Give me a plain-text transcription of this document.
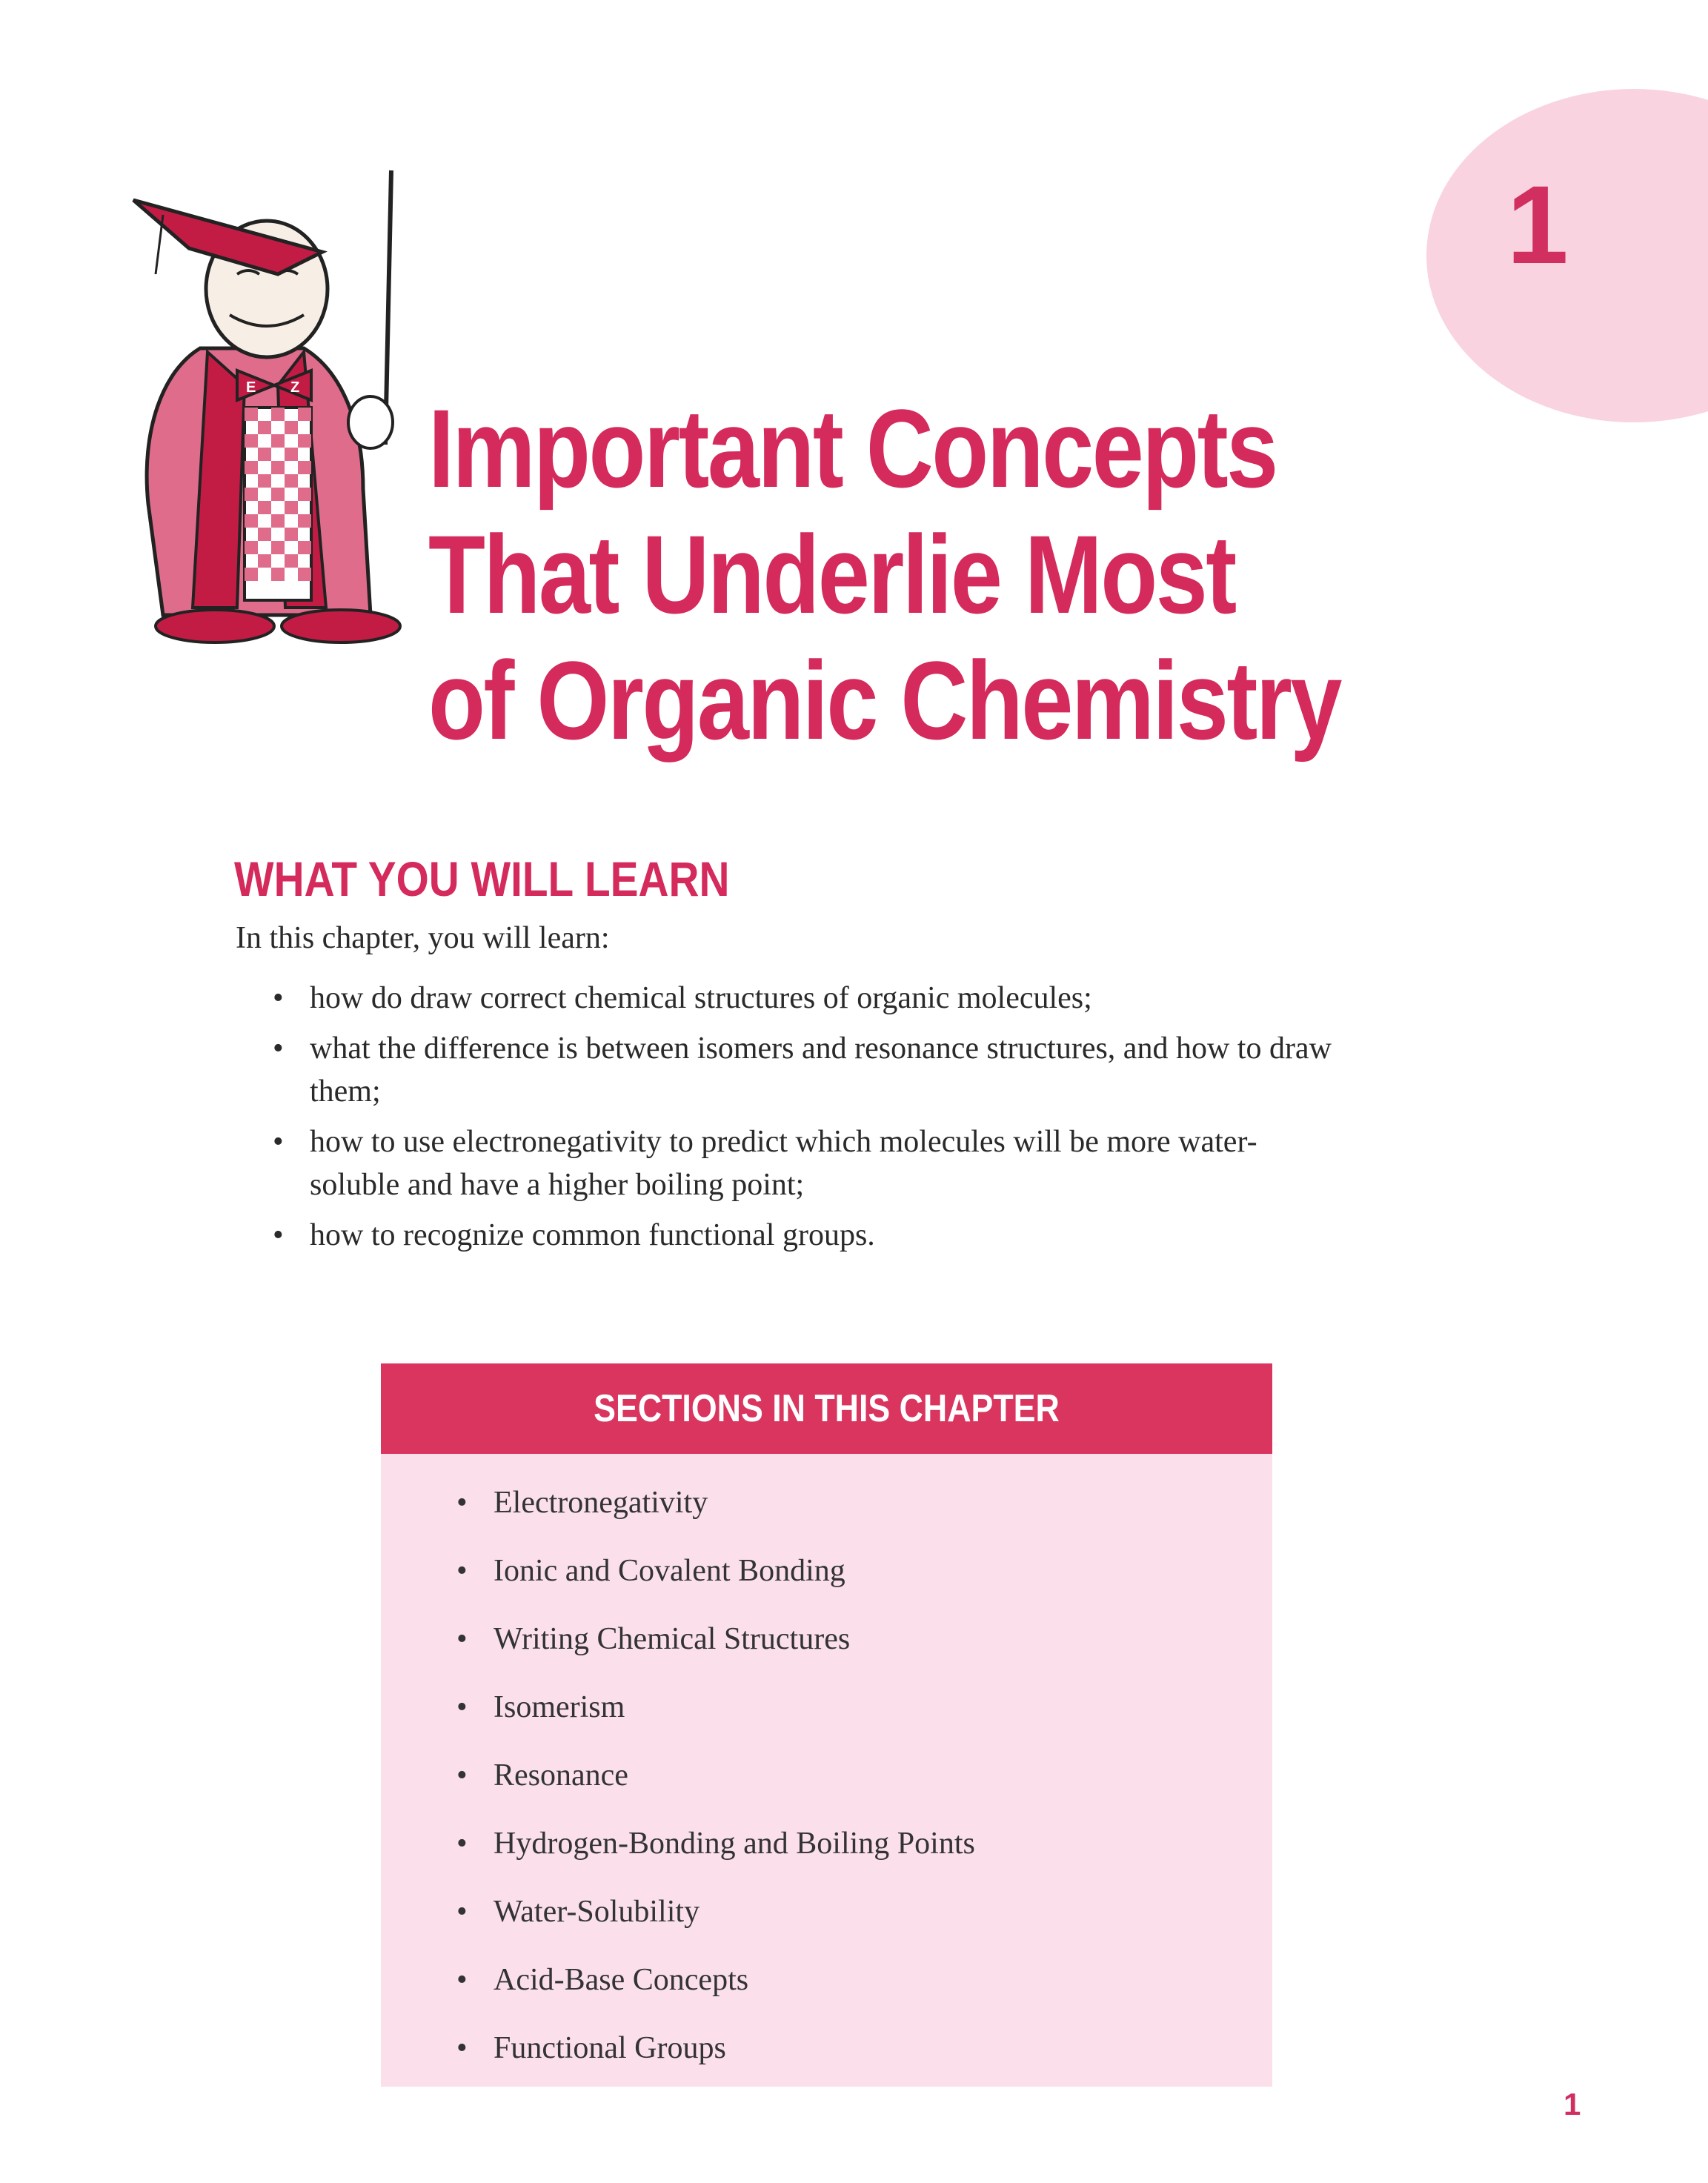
1
E Z Important Concepts
That Underlie Most
of Organic Chemistry
WHAT YOU WILL LEARN
In this chapter, you will learn:
• how do draw correct chemical structures of organic molecules;
• what the difference is between isomers and resonance structures, and how to draw them;
• how to use electronegativity to predict which molecules will be more water-soluble and have a higher boiling point;
• how to recognize common functional groups.
SECTIONS IN THIS CHAPTER
• Electronegativity
• Ionic and Covalent Bonding
• Writing Chemical Structures
• Isomerism
• Resonance
• Hydrogen-Bonding and Boiling Points
• Water-Solubility
• Acid-Base Concepts
• Functional Groups
1
